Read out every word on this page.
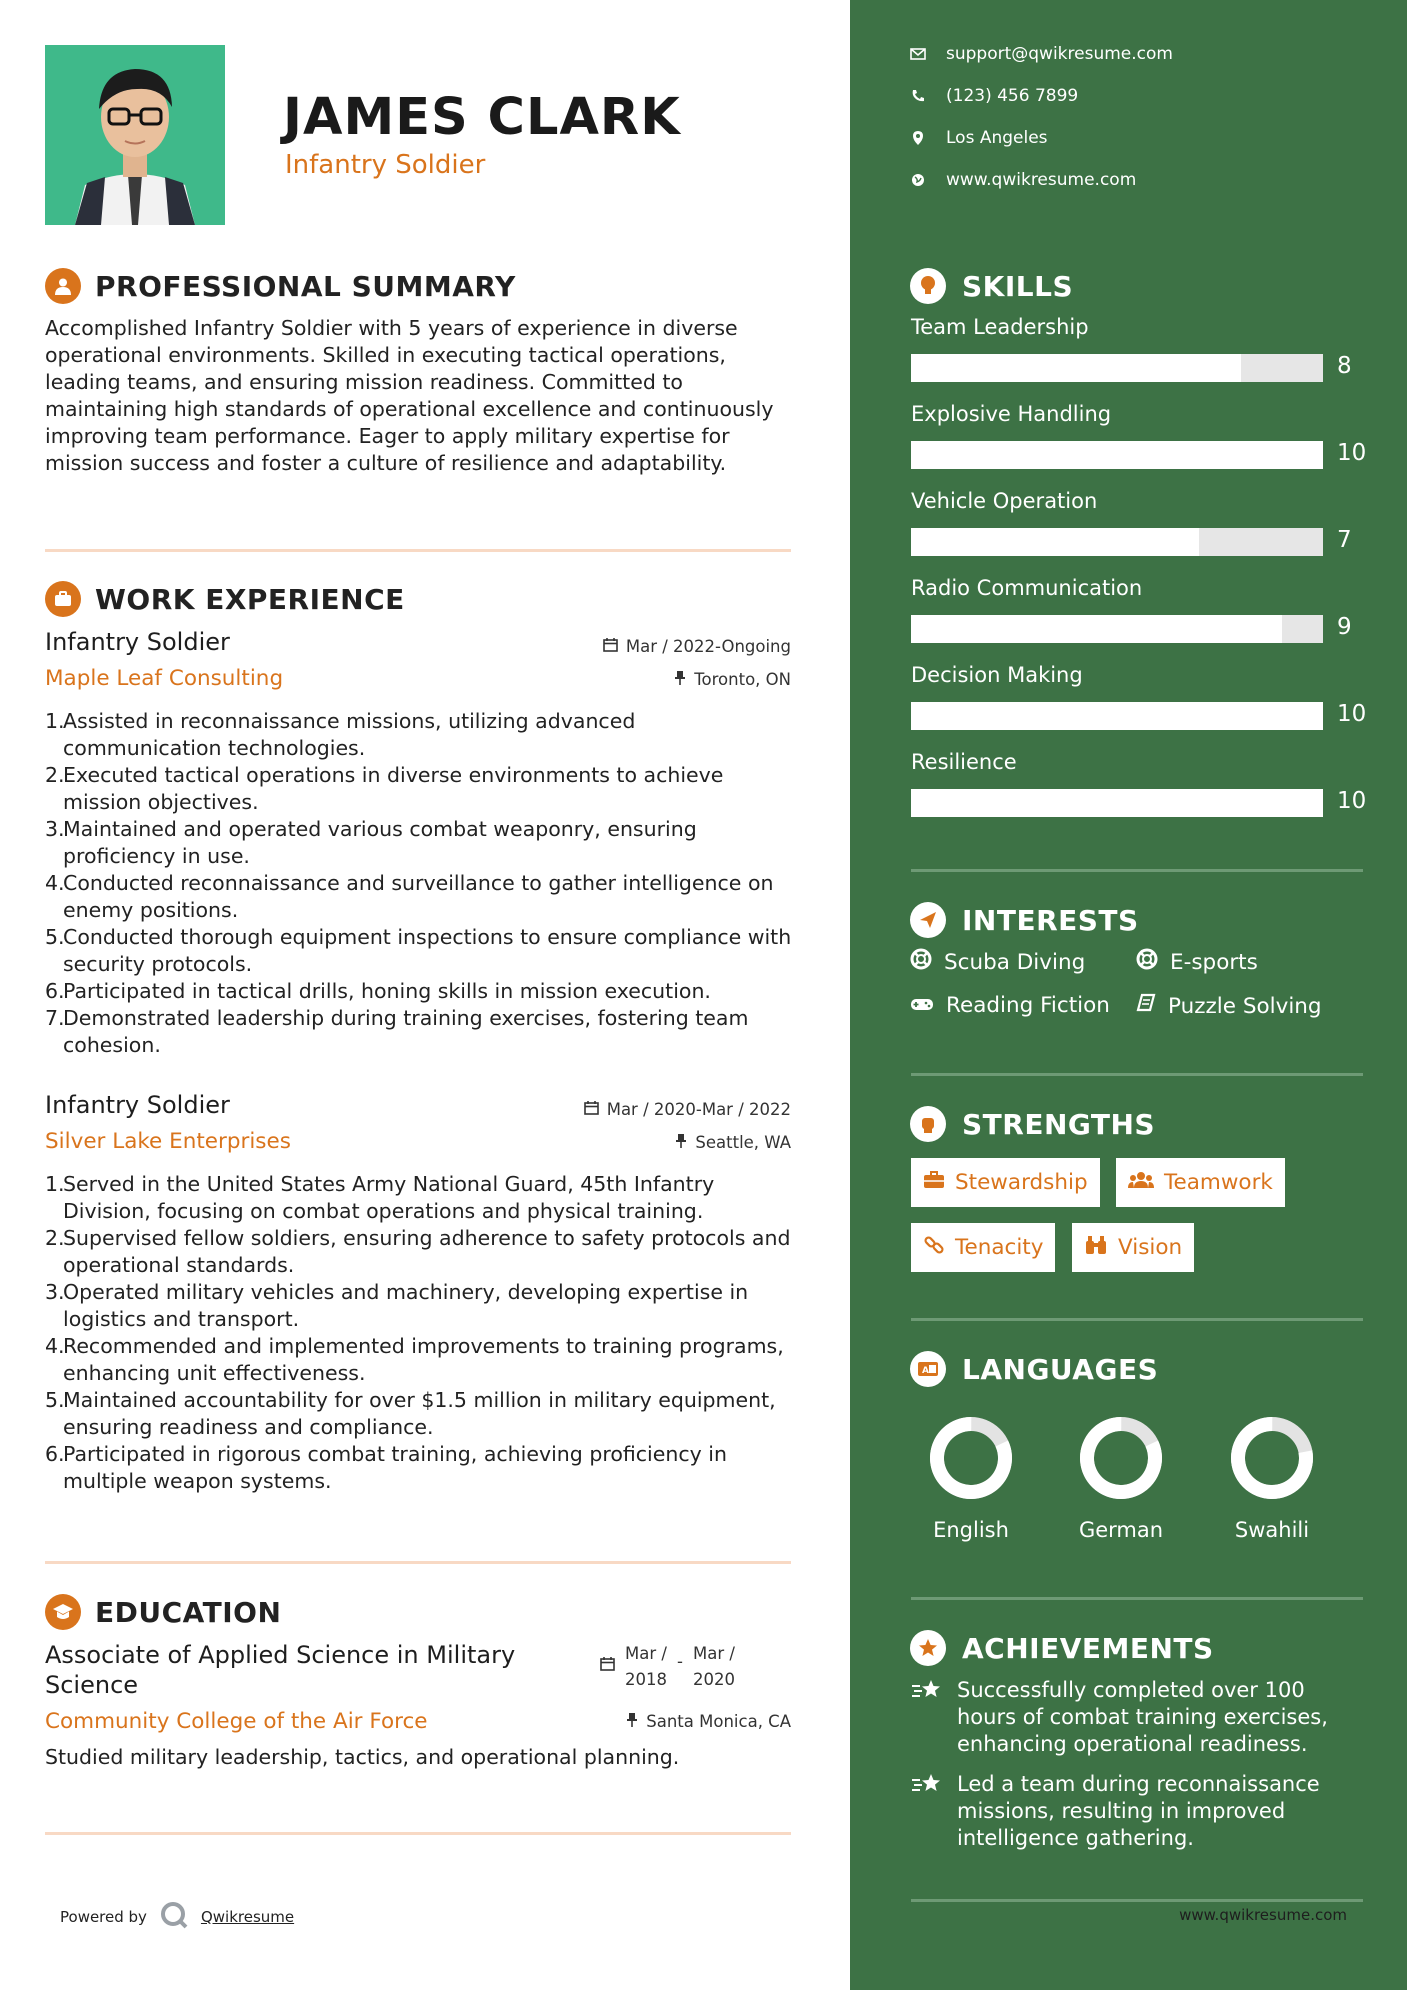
JAMES CLARK
Infantry Soldier
PROFESSIONAL SUMMARY
Accomplished Infantry Soldier with 5 years of experience in diverse operational environments. Skilled in executing tactical operations, leading teams, and ensuring mission readiness. Committed to maintaining high standards of operational excellence and continuously improving team performance. Eager to apply military expertise for mission success and foster a culture of resilience and adaptability.
WORK EXPERIENCE
Infantry Soldier	Mar / 2022-Ongoing
Maple Leaf Consulting	Toronto, ON
1.
Assisted in reconnaissance missions, utilizing advanced communication technologies.
2.
Executed tactical operations in diverse environments to achieve mission objectives.
3.
Maintained and operated various combat weaponry, ensuring proficiency in use.
4.
Conducted reconnaissance and surveillance to gather intelligence on enemy positions.
5.
Conducted thorough equipment inspections to ensure compliance with security protocols.
6.
Participated in tactical drills, honing skills in mission execution.
7.
Demonstrated leadership during training exercises, fostering team cohesion.
Infantry Soldier	Mar / 2020-Mar / 2022
Silver Lake Enterprises	Seattle, WA
1.
Served in the United States Army National Guard, 45th Infantry Division, focusing on combat operations and physical training.
2.
Supervised fellow soldiers, ensuring adherence to safety protocols and operational standards.
3.
Operated military vehicles and machinery, developing expertise in logistics and transport.
4.
Recommended and implemented improvements to training programs, enhancing unit effectiveness.
5.
Maintained accountability for over $1.5 million in military equipment, ensuring readiness and compliance.
6.
Participated in rigorous combat training, achieving proficiency in multiple weapon systems.
EDUCATION
Associate of Applied Science in Military Science
Mar /
2018
- Mar /
2020
Community College of the Air Force	Santa Monica, CA
Studied military leadership, tactics, and operational planning.
Powered by	Qwikresume
support@qwikresume.com
(123) 456 7899
Los Angeles
www.qwikresume.com
SKILLS
Team Leadership
8
Explosive Handling
10
Vehicle Operation
7
Radio Communication
9
Decision Making
10
Resilience
10
INTERESTS
Scuba Diving	E-sports
Reading Fiction	Puzzle Solving
STRENGTHS
Stewardship	Teamwork
Tenacity	Vision
A LANGUAGES
English	German	Swahili
ACHIEVEMENTS
Successfully completed over 100 hours of combat training exercises, enhancing operational readiness.
Led a team during reconnaissance missions, resulting in improved intelligence gathering.
www.qwikresume.com
